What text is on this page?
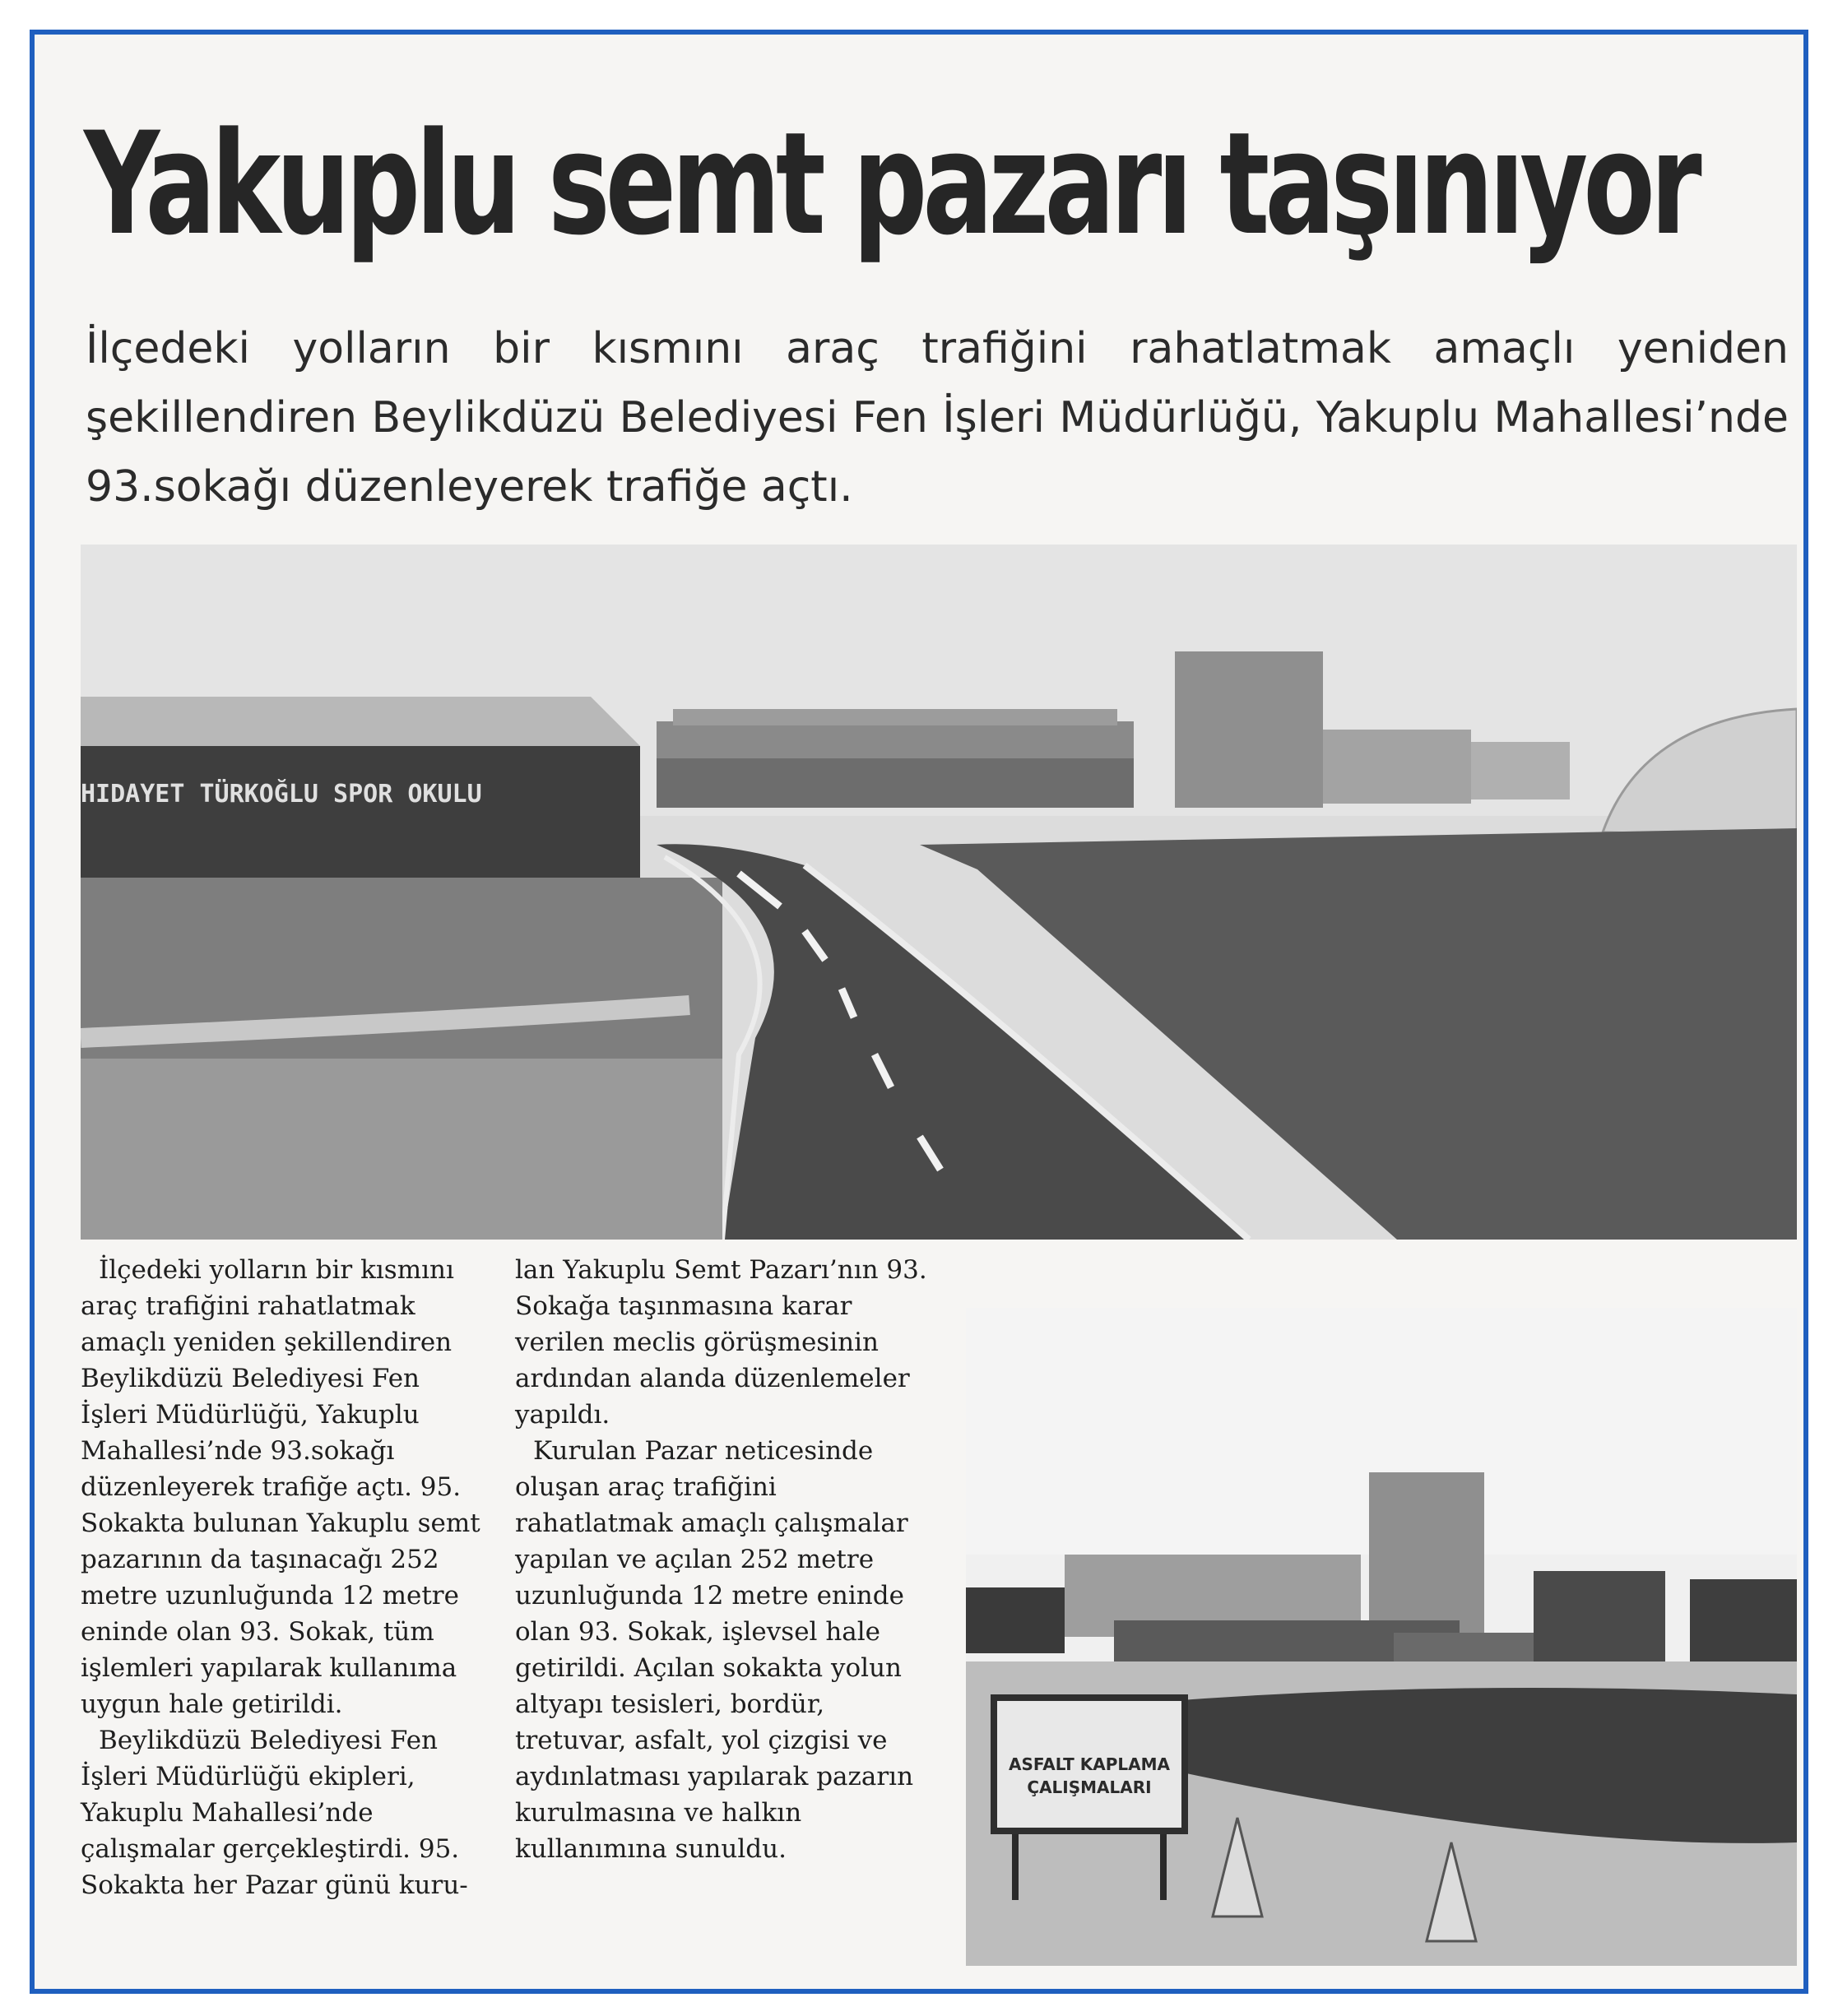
Yakuplu semt pazarı taşınıyor

İlçedeki yolların bir kısmını araç trafiğini rahatlatmak amaçlı yeniden şekillendiren Beylikdüzü Belediyesi Fen İşleri Müdürlüğü, Yakuplu Mahallesi’nde 93.sokağı düzenleyerek trafiğe açtı.

HIDAYET TÜRKOĞLU SPOR OKULU
ASFALT KAPLAMA
ÇALIŞMALARI

İlçedeki yolların bir kısmını araç trafiğini rahatlatmak amaçlı yeniden şekillendiren Beylikdüzü Belediyesi Fen İşleri Müdürlüğü, Yakuplu Mahallesi’nde 93.sokağı düzenleyerek trafiğe açtı. 95. Sokakta bulunan Yakuplu semt pazarının da taşınacağı 252 metre uzunluğunda 12 metre eninde olan 93. Sokak, tüm işlemleri yapılarak kullanıma uygun hale getirildi.

Beylikdüzü Belediyesi Fen İşleri Müdürlüğü ekipleri, Yakuplu Mahallesi’nde çalışmalar gerçekleştirdi. 95. Sokakta her Pazar günü kuru-

lan Yakuplu Semt Pazarı’nın 93. Sokağa taşınmasına karar verilen meclis görüşmesinin ardından alanda düzenlemeler yapıldı.

Kurulan Pazar neticesinde oluşan araç trafiğini rahatlatmak amaçlı çalışmalar yapılan ve açılan 252 metre uzunluğunda 12 metre eninde olan 93. Sokak, işlevsel hale getirildi. Açılan sokakta yolun altyapı tesisleri, bordür, tretuvar, asfalt, yol çizgisi ve aydınlatması yapılarak pazarın kurulmasına ve halkın kullanımına sunuldu.
